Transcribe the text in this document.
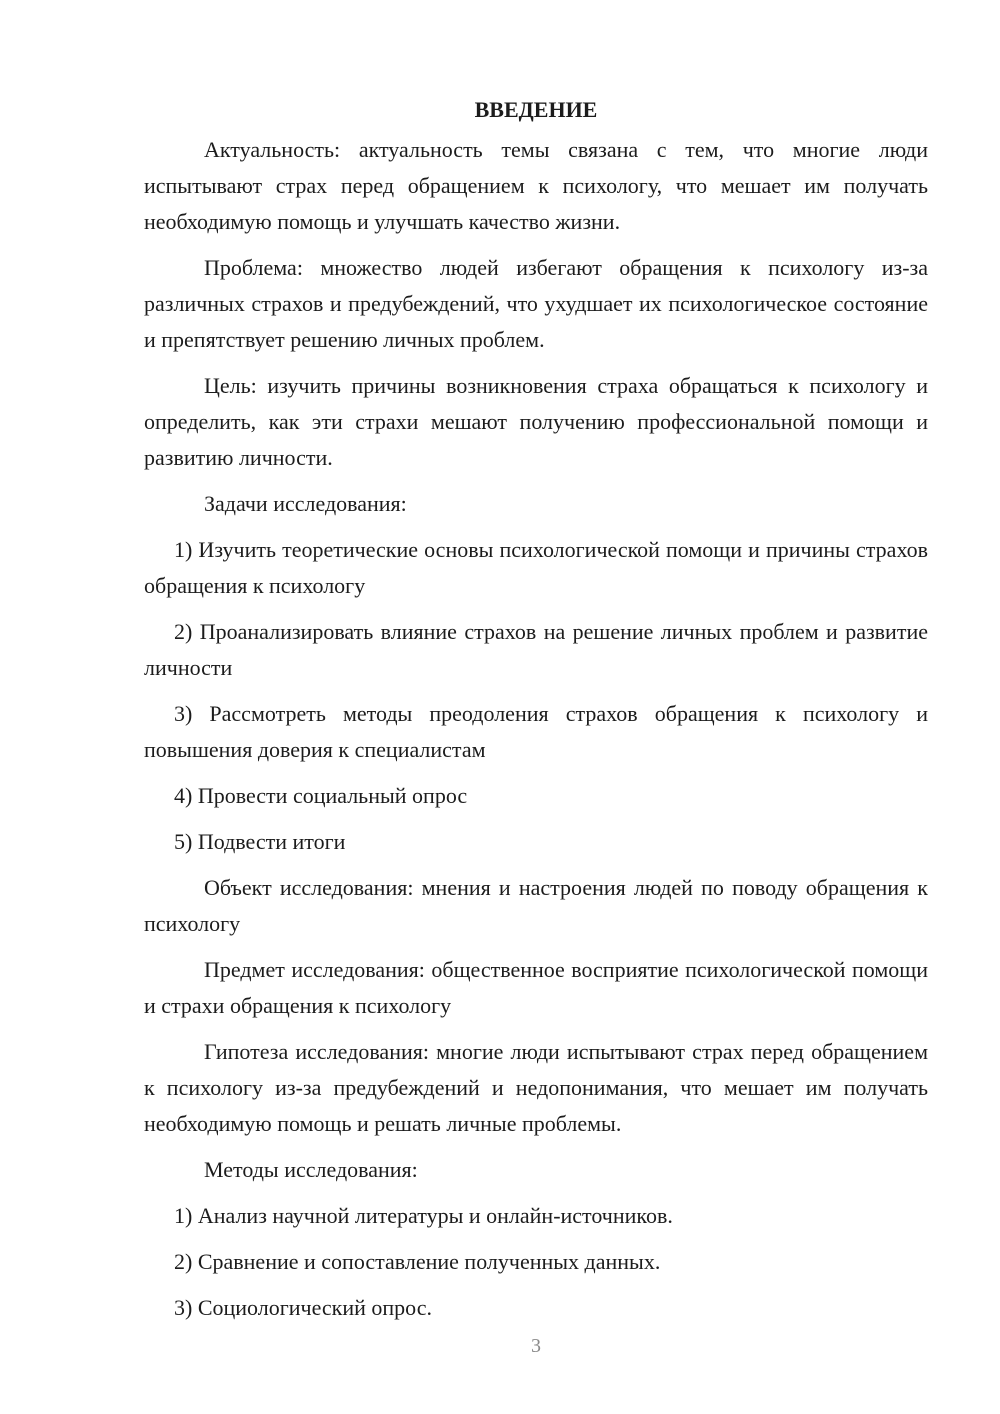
ВВЕДЕНИЕ

Актуальность: актуальность темы связана с тем, что многие люди испытывают страх перед обращением к психологу, что мешает им получать необходимую помощь и улучшать качество жизни.

Проблема: множество людей избегают обращения к психологу из-за различных страхов и предубеждений, что ухудшает их психологическое состояние и препятствует решению личных проблем.

Цель: изучить причины возникновения страха обращаться к психологу и определить, как эти страхи мешают получению профессиональной помощи и развитию личности.

Задачи исследования:

1) Изучить теоретические основы психологической помощи и причины страхов обращения к психологу

2) Проанализировать влияние страхов на решение личных проблем и развитие личности

3) Рассмотреть методы преодоления страхов обращения к психологу и повышения доверия к специалистам

4) Провести социальный опрос

5) Подвести итоги

Объект исследования: мнения и настроения людей по поводу обращения к психологу

Предмет исследования: общественное восприятие психологической помощи и страхи обращения к психологу

Гипотеза исследования: многие люди испытывают страх перед обращением к психологу из-за предубеждений и недопонимания, что мешает им получать необходимую помощь и решать личные проблемы.

Методы исследования:

1) Анализ научной литературы и онлайн-источников.

2) Сравнение и сопоставление полученных данных.

3) Социологический опрос.

3
